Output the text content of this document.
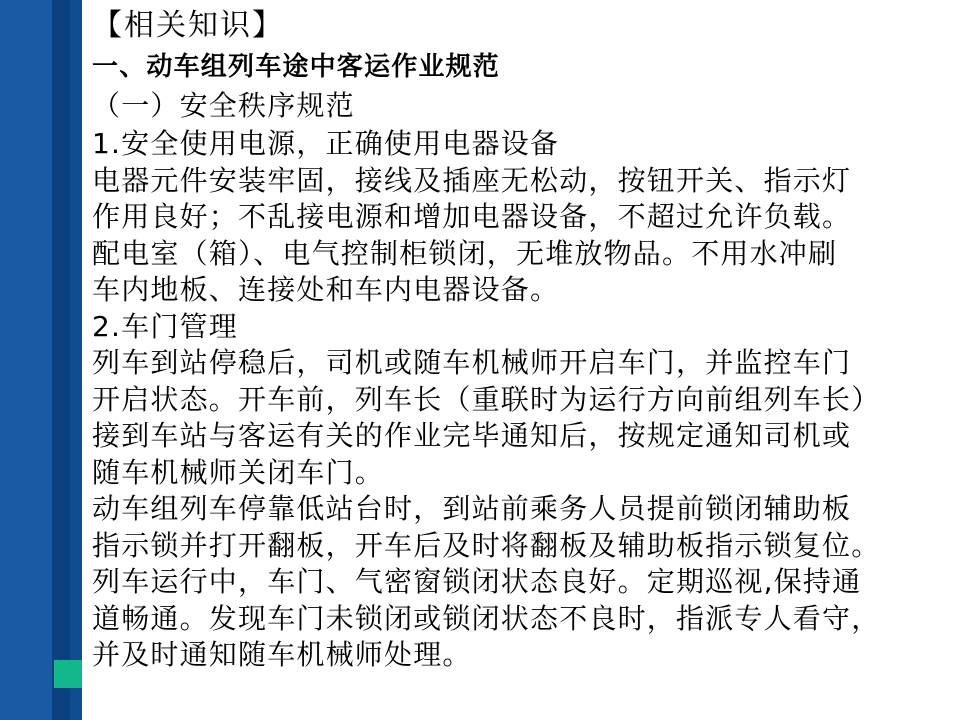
【相关知识】
一、动车组列车途中客运作业规范
（一）安全秩序规范
1.安全使用电源，正确使用电器设备
电器元件安装牢固，接线及插座无松动，按钮开关、指示灯
作用良好；不乱接电源和增加电器设备，不超过允许负载。
配电室（箱）、电气控制柜锁闭，无堆放物品。不用水冲刷
车内地板、连接处和车内电器设备。
2.车门管理
列车到站停稳后，司机或随车机械师开启车门，并监控车门
开启状态。开车前，列车长（重联时为运行方向前组列车长）
接到车站与客运有关的作业完毕通知后，按规定通知司机或
随车机械师关闭车门。
动车组列车停靠低站台时，到站前乘务人员提前锁闭辅助板
指示锁并打开翻板，开车后及时将翻板及辅助板指示锁复位。
列车运行中，车门、气密窗锁闭状态良好。定期巡视,保持通
道畅通。发现车门未锁闭或锁闭状态不良时，指派专人看守，
并及时通知随车机械师处理。
